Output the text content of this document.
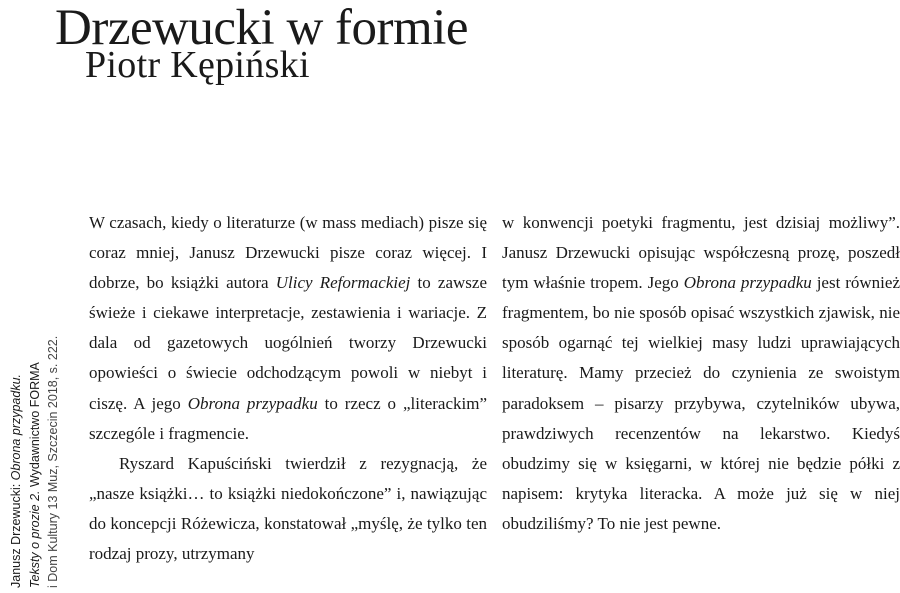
Drzewucki w formie
Piotr Kępiński
Janusz Drzewucki: Obrona przypadku.
Teksty o prozie 2. Wydawnictwo FORMA i Dom Kultury 13 Muz, Szczecin 2018, s. 222.

W czasach, kiedy o literaturze (w mass mediach) pisze się coraz mniej, Janusz Drzewucki pisze coraz więcej. I dobrze, bo książki autora Ulicy Reformackiej to zawsze świeże i ciekawe interpretacje, zestawienia i wariacje. Z dala od gazetowych uogólnień tworzy Drzewucki opowieści o świecie odchodzącym powoli w niebyt i ciszę. A jego Obrona przypadku to rzecz o „literackim” szczególe i fragmencie.

Ryszard Kapuściński twierdził z rezygnacją, że „nasze książki… to książki niedokończone” i, nawiązując do koncepcji Różewicza, konstatował „myślę, że tylko ten rodzaj prozy, utrzymany

w konwencji poetyki fragmentu, jest dzisiaj możliwy”. Janusz Drzewucki opisując współczesną prozę, poszedł tym właśnie tropem. Jego Obrona przypadku jest również fragmentem, bo nie sposób opisać wszystkich zjawisk, nie sposób ogarnąć tej wielkiej masy ludzi uprawiających literaturę. Mamy przecież do czynienia ze swoistym paradoksem – pisarzy przybywa, czytelników ubywa, prawdziwych recenzentów na lekarstwo. Kiedyś obudzimy się w księgarni, w której nie będzie półki z napisem: krytyka literacka. A może już się w niej obudziliśmy? To nie jest pewne.
